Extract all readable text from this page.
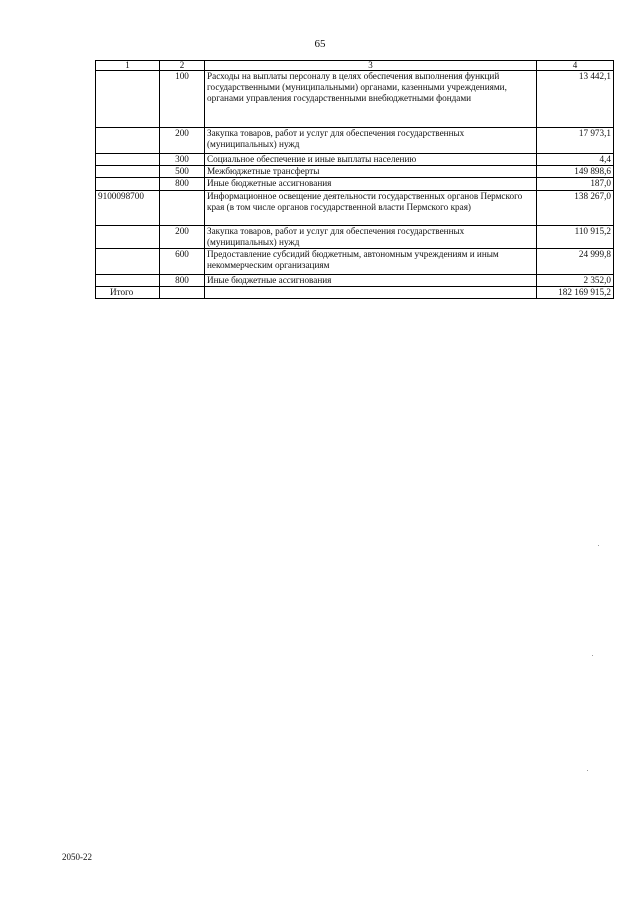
65
1	2	3	4
	100	Расходы на выплаты персоналу в целях обеспечения выполнения функций государственными (муниципальными) органами, казенными учреждениями, органами управления государственными внебюджетными фондами	13 442,1
	200	Закупка товаров, работ и услуг для обеспечения государственных (муниципальных) нужд	17 973,1
	300	Социальное обеспечение и иные выплаты населению	4,4
	500	Межбюджетные трансферты	149 898,6
	800	Иные бюджетные ассигнования	187,0
9100098700		Информационное освещение деятельности государственных органов Пермского края (в том числе органов государственной власти Пермского края)	138 267,0
	200	Закупка товаров, работ и услуг для обеспечения государственных (муниципальных) нужд	110 915,2
	600	Предоставление субсидий бюджетным, автономным учреждениям и иным некоммерческим организациям	24 999,8
	800	Иные бюджетные ассигнования	2 352,0
Итого			182 169 915,2
2050-22
